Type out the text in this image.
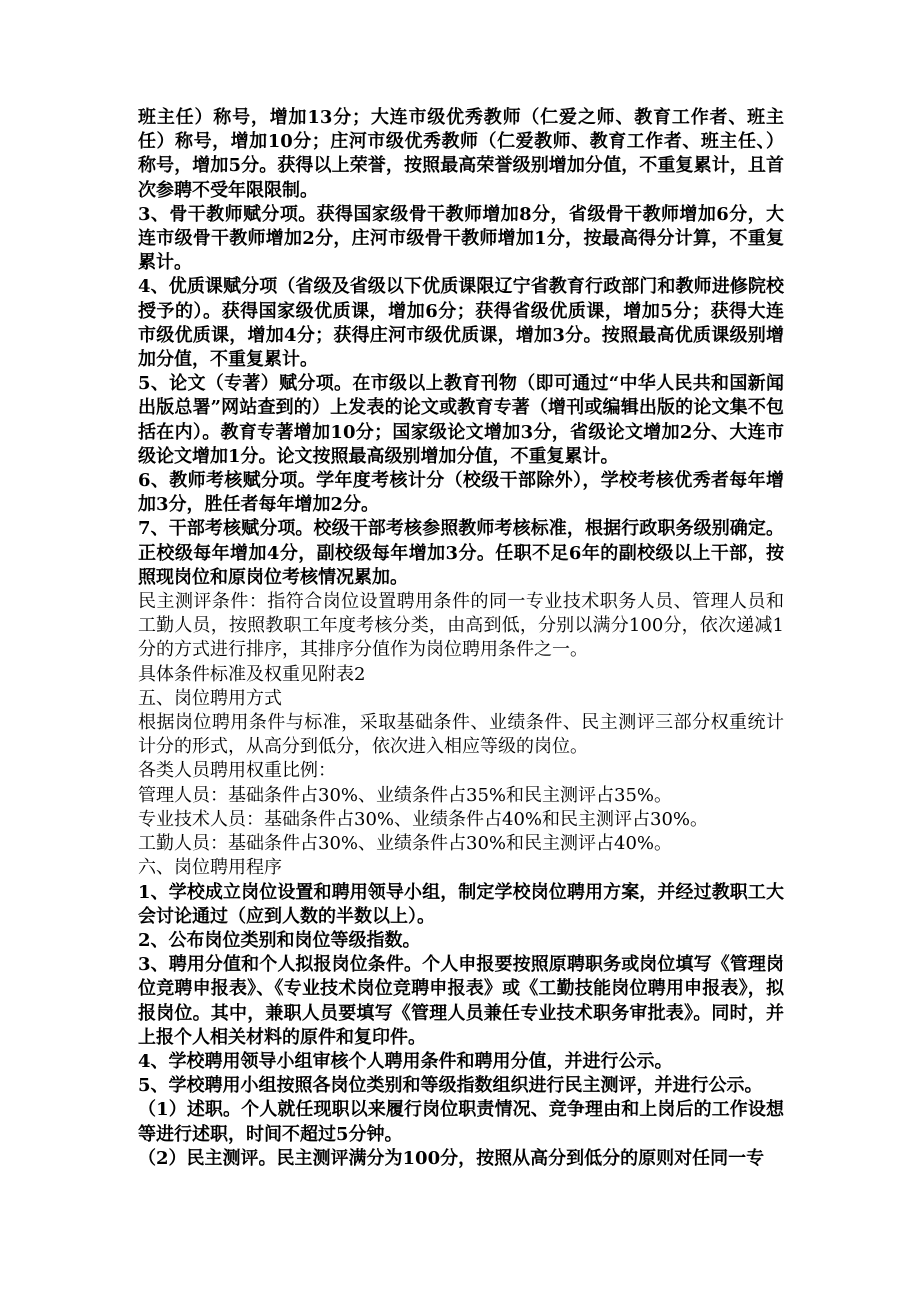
班主任）称号，增加13分；大连市级优秀教师（仁爱之师、教育工作者、班主任）称号，增加10分；庄河市级优秀教师（仁爱教师、教育工作者、班主任、）称号，增加5分。获得以上荣誉，按照最高荣誉级别增加分值，不重复累计，且首次参聘不受年限限制。

3、骨干教师赋分项。获得国家级骨干教师增加8分，省级骨干教师增加6分，大连市级骨干教师增加2分，庄河市级骨干教师增加1分，按最高得分计算，不重复累计。

4、优质课赋分项（省级及省级以下优质课限辽宁省教育行政部门和教师进修院校授予的）。获得国家级优质课，增加6分；获得省级优质课，增加5分；获得大连市级优质课，增加4分；获得庄河市级优质课，增加3分。按照最高优质课级别增加分值，不重复累计。

5、论文（专著）赋分项。在市级以上教育刊物（即可通过“中华人民共和国新闻出版总署”网站查到的）上发表的论文或教育专著（增刊或编辑出版的论文集不包括在内）。教育专著增加10分；国家级论文增加3分，省级论文增加2分、大连市级论文增加1分。论文按照最高级别增加分值，不重复累计。

6、教师考核赋分项。学年度考核计分（校级干部除外），学校考核优秀者每年增加3分，胜任者每年增加2分。

7、干部考核赋分项。校级干部考核参照教师考核标准，根据行政职务级别确定。正校级每年增加4分，副校级每年增加3分。任职不足6年的副校级以上干部，按照现岗位和原岗位考核情况累加。

民主测评条件：指符合岗位设置聘用条件的同一专业技术职务人员、管理人员和工勤人员，按照教职工年度考核分类，由高到低，分别以满分100分，依次递减1分的方式进行排序，其排序分值作为岗位聘用条件之一。

具体条件标准及权重见附表2

五、岗位聘用方式

根据岗位聘用条件与标准，采取基础条件、业绩条件、民主测评三部分权重统计计分的形式，从高分到低分，依次进入相应等级的岗位。

各类人员聘用权重比例：

管理人员：基础条件占30%、业绩条件占35%和民主测评占35%。

专业技术人员：基础条件占30%、业绩条件占40%和民主测评占30%。

工勤人员：基础条件占30%、业绩条件占30%和民主测评占40%。

六、岗位聘用程序

1、学校成立岗位设置和聘用领导小组，制定学校岗位聘用方案，并经过教职工大会讨论通过（应到人数的半数以上）。

2、公布岗位类别和岗位等级指数。

3、聘用分值和个人拟报岗位条件。个人申报要按照原聘职务或岗位填写《管理岗位竞聘申报表》、《专业技术岗位竞聘申报表》或《工勤技能岗位聘用申报表》，拟报岗位。其中，兼职人员要填写《管理人员兼任专业技术职务审批表》。同时，并上报个人相关材料的原件和复印件。

4、学校聘用领导小组审核个人聘用条件和聘用分值，并进行公示。

5、学校聘用小组按照各岗位类别和等级指数组织进行民主测评，并进行公示。

（1）述职。个人就任现职以来履行岗位职责情况、竞争理由和上岗后的工作设想等进行述职，时间不超过5分钟。

（2）民主测评。民主测评满分为100分，按照从高分到低分的原则对任同一专
